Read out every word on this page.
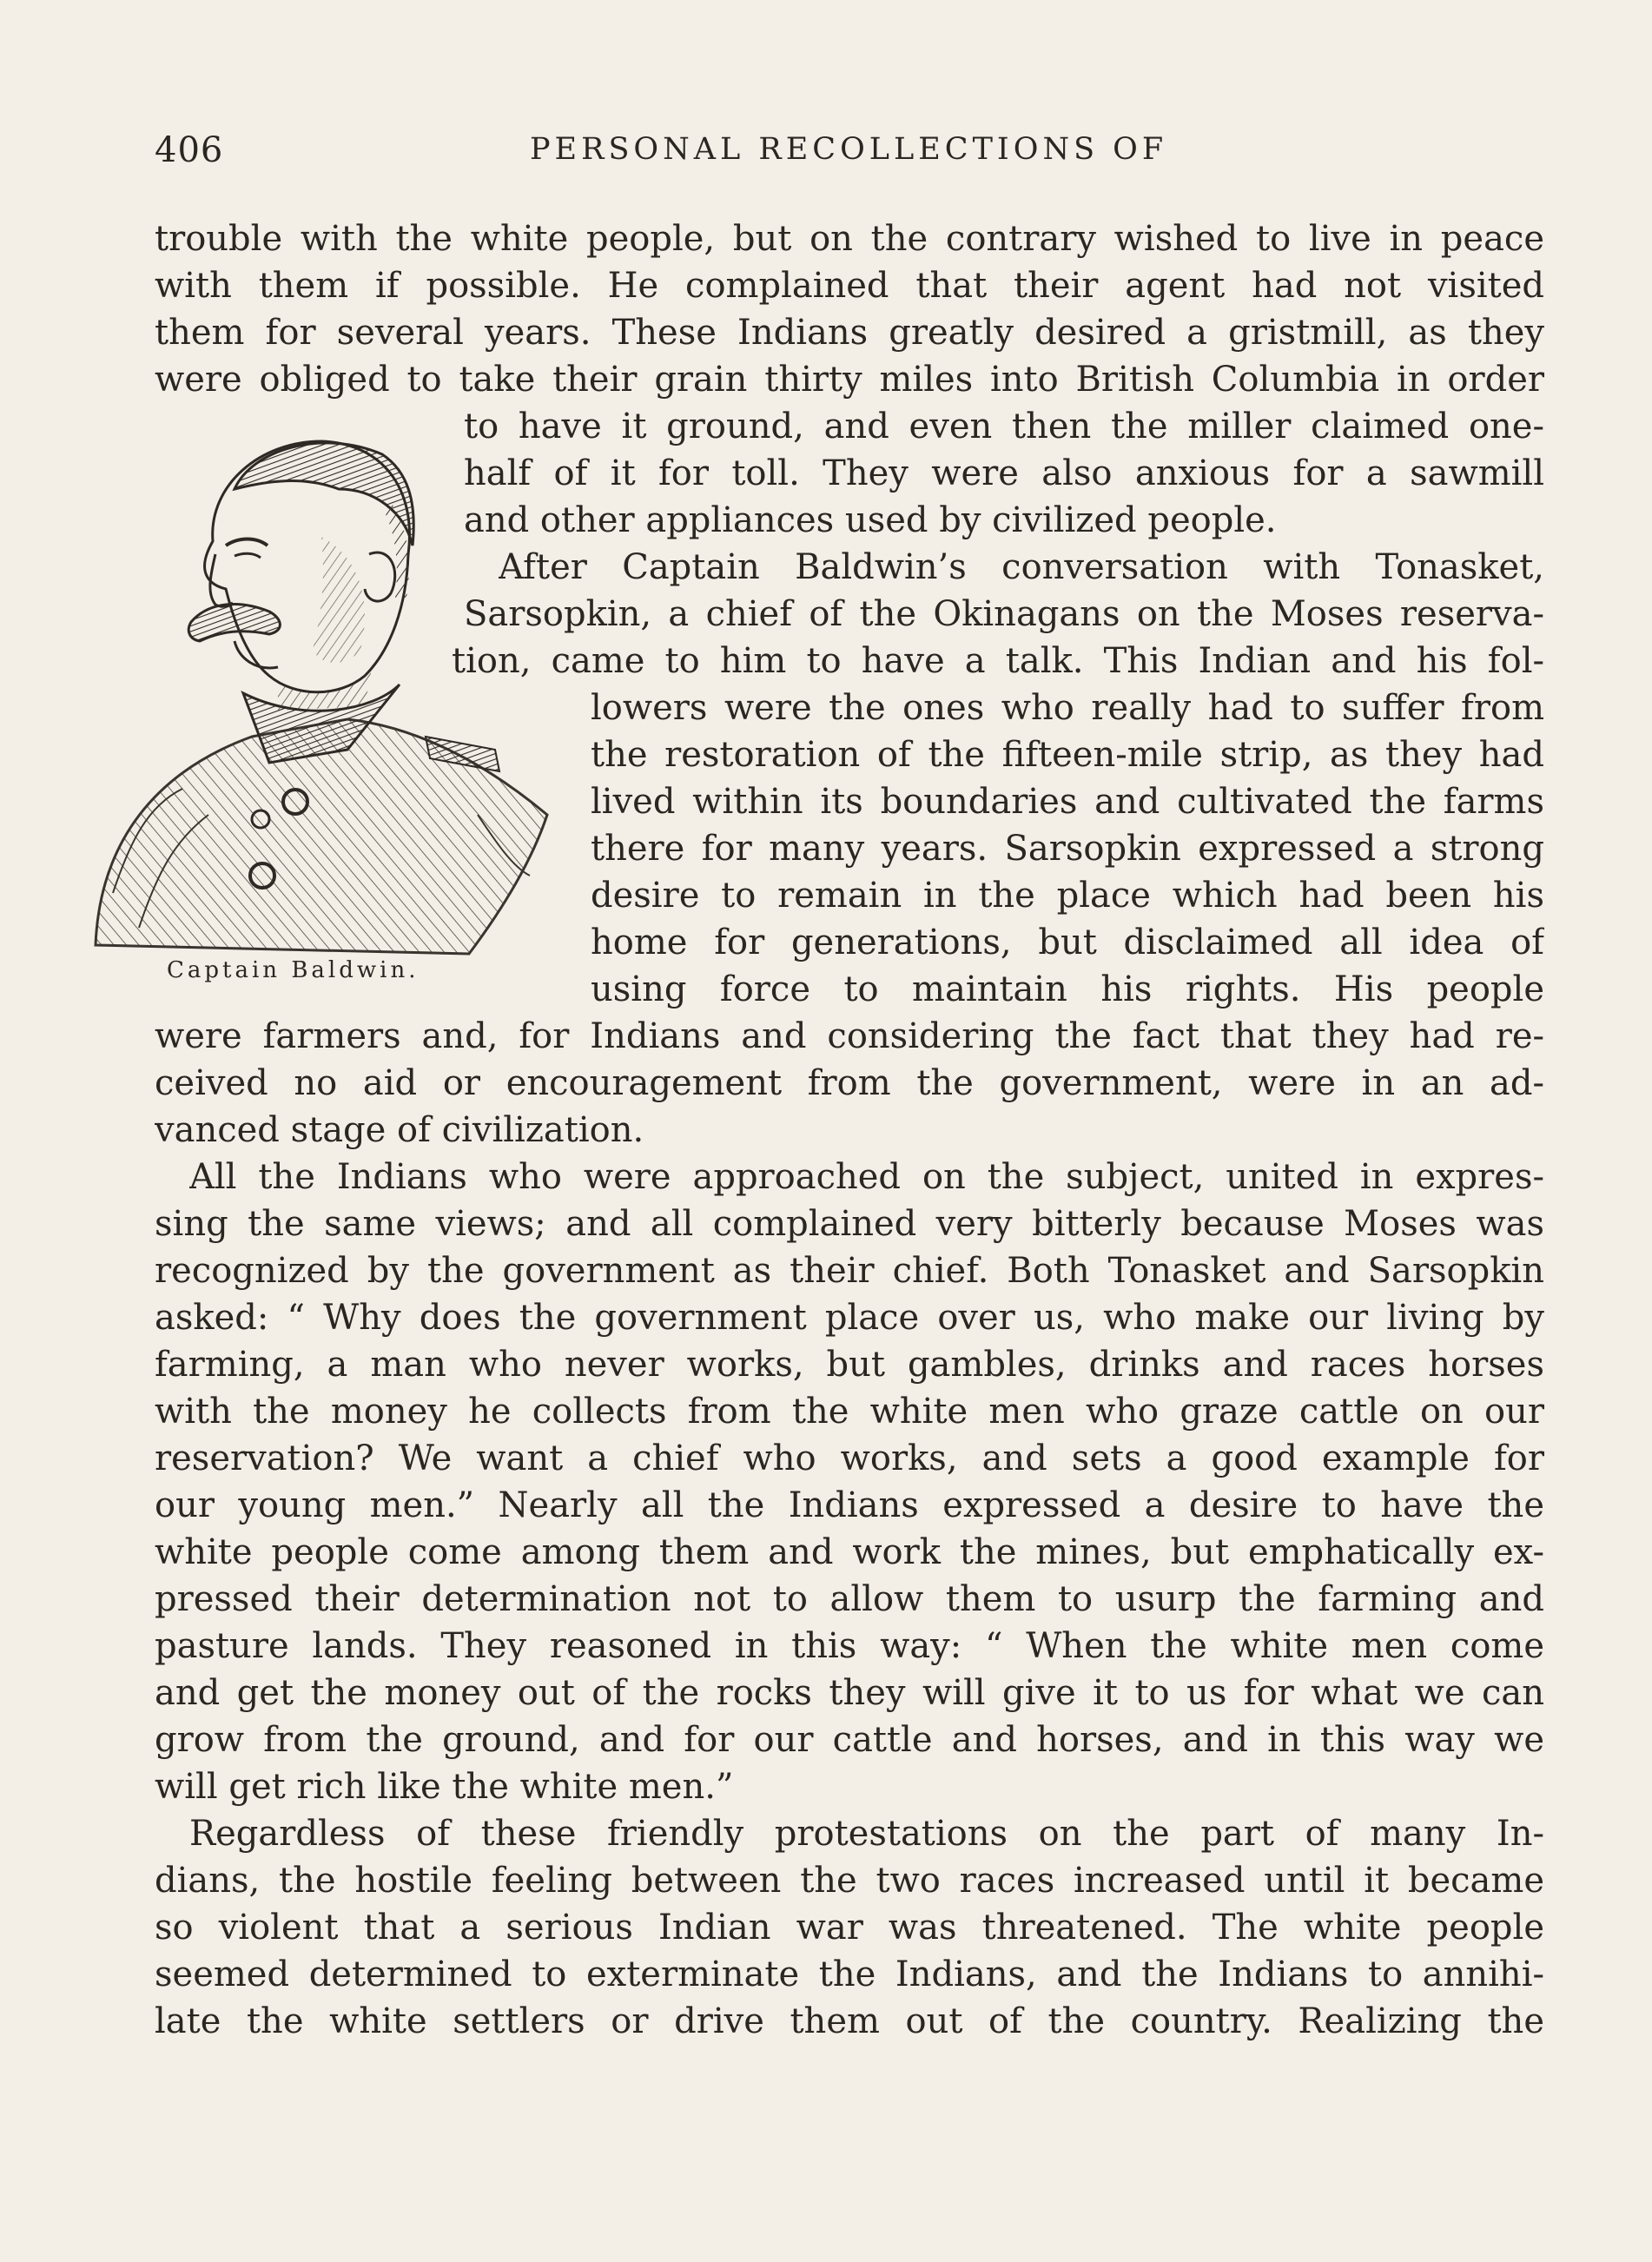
406	PERSONAL RECOLLECTIONS OF
Captain Baldwin.
trouble with the white people, but on the contrary wished to live in peace
with them if possible. He complained that their agent had not visited
them for several years. These Indians greatly desired a gristmill, as they
were obliged to take their grain thirty miles into British Columbia in order
to have it ground, and even then the miller claimed one-
half of it for toll. They were also anxious for a sawmill
and other appliances used by civilized people.
After Captain Baldwin’s conversation with Tonasket,
Sarsopkin, a chief of the Okinagans on the Moses reserva-
tion, came to him to have a talk. This Indian and his fol-
lowers were the ones who really had to suffer from
the restoration of the fifteen-mile strip, as they had
lived within its boundaries and cultivated the farms
there for many years. Sarsopkin expressed a strong
desire to remain in the place which had been his
home for generations, but disclaimed all idea of
using force to maintain his rights. His people
were farmers and, for Indians and considering the fact that they had re-
ceived no aid or encouragement from the government, were in an ad-
vanced stage of civilization.
All the Indians who were approached on the subject, united in expres-
sing the same views; and all complained very bitterly because Moses was
recognized by the government as their chief. Both Tonasket and Sarsopkin
asked: “ Why does the government place over us, who make our living by
farming, a man who never works, but gambles, drinks and races horses
with the money he collects from the white men who graze cattle on our
reservation? We want a chief who works, and sets a good example for
our young men.” Nearly all the Indians expressed a desire to have the
white people come among them and work the mines, but emphatically ex-
pressed their determination not to allow them to usurp the farming and
pasture lands. They reasoned in this way: “ When the white men come
and get the money out of the rocks they will give it to us for what we can
grow from the ground, and for our cattle and horses, and in this way we
will get rich like the white men.”
Regardless of these friendly protestations on the part of many In-
dians, the hostile feeling between the two races increased until it became
so violent that a serious Indian war was threatened. The white people
seemed determined to exterminate the Indians, and the Indians to annihi-
late the white settlers or drive them out of the country. Realizing the
